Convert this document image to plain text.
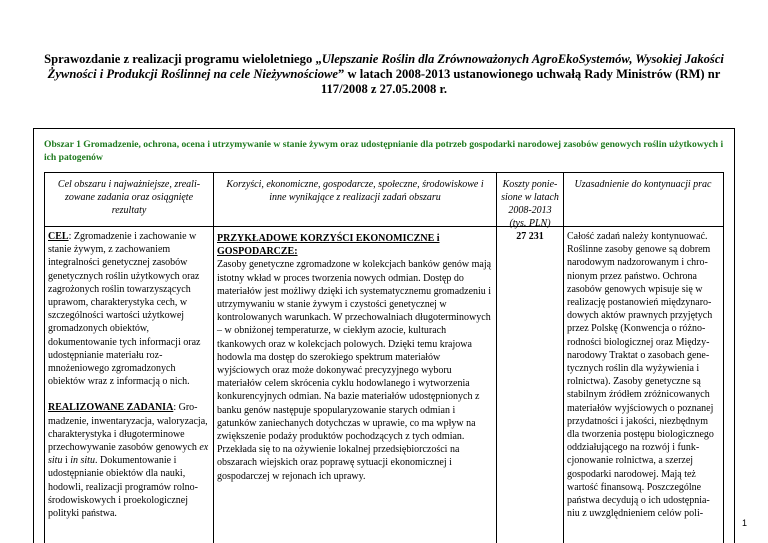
Sprawozdanie z realizacji programu wieloletniego „Ulepszanie Roślin dla Zrównoważonych AgroEkoSystemów, Wysokiej Jakości Żywności i Produkcji Roślinnej na cele Nieżywnościowe” w latach 2008-2013 ustanowionego uchwałą Rady Ministrów (RM) nr 117/2008 z 27.05.2008 r.
Obszar 1 Gromadzenie, ochrona, ocena i utrzymywanie w stanie żywym oraz udostępnianie dla potrzeb gospodarki narodowej zasobów genowych roślin użytkowych i ich patogenów
Cel obszaru i najważniejsze, zrealizowane zadania oraz osiągnięte rezultaty
Korzyści, ekonomiczne, gospodarcze, społeczne, środowiskowe i inne wynikające z realizacji zadań obszaru
Koszty poniesione w latach 2008-2013 (tys. PLN)
Uzasadnienie do kontynuacji prac

CEL: Zgromadzenie i zachowanie w stanie żywym, z zachowaniem integralności genetycznej zasobów genetycznych roślin użytkowych oraz zagrożonych roślin towarzyszących uprawom, charakterystyka cech, w szczególności wartości użytkowej gromadzonych obiektów, dokumentowanie tych informacji oraz udostępnianie materiału rozmnożeniowego zgromadzonych obiektów wraz z informacją o nich.

REALIZOWANE ZADANIA: Gromadzenie, inwentaryzacja, waloryzacja, charakterystyka i długoterminowe przechowywanie zasobów genowych ex situ i in situ. Dokumentowanie i udostępnianie obiektów dla nauki, hodowli, realizacji programów rolno-środowiskowych i proekologicznej polityki państwa.

PRZYKŁADOWE KORZYŚCI EKONOMICZNE i GOSPODARCZE:

Zasoby genetyczne zgromadzone w kolekcjach banków genów mają istotny wkład w proces tworzenia nowych odmian. Dostęp do materiałów jest możliwy dzięki ich systematycznemu gromadzeniu i utrzymywaniu w stanie żywym i czystości genetycznej w kontrolowanych warunkach. W przechowalniach długoterminowych – w obniżonej temperaturze, w ciekłym azocie, kulturach tkankowych oraz w kolekcjach polowych. Dzięki temu krajowa hodowla ma dostęp do szerokiego spektrum materiałów wyjściowych oraz może dokonywać precyzyjnego wyboru materiałów celem skrócenia cyklu hodowlanego i wytworzenia konkurencyjnych odmian. Na bazie materiałów udostępnionych z banku genów następuje spopularyzowanie starych odmian i gatunków zaniechanych dotychczas w uprawie, co ma wpływ na zwiększenie podaży produktów pochodzących z tych odmian. Przekłada się to na ożywienie lokalnej przedsiębiorczości na obszarach wiejskich oraz poprawę sytuacji ekonomicznej i gospodarczej w rejonach ich uprawy.

27 231	Całość zadań należy kontynuować. Roślinne zasoby genowe są dobrem narodowym nadzorowanym i chronionym przez państwo. Ochrona zasobów genowych wpisuje się w realizację postanowień międzynarodowych aktów prawnych przyjętych przez Polskę (Konwencja o różnorodności biologicznej oraz Międzynarodowy Traktat o zasobach genetycznych roślin dla wyżywienia i rolnictwa). Zasoby genetyczne są stabilnym źródłem zróżnicowanych materiałów wyjściowych o poznanej przydatności i jakości, niezbędnym dla tworzenia postępu biologicznego oddziałującego na rozwój i funkcjonowanie rolnictwa, a szerzej gospodarki narodowej. Mają też wartość finansową. Poszczególne państwa decydują o ich udostępnianiu z uwzględnieniem celów poli-
1
